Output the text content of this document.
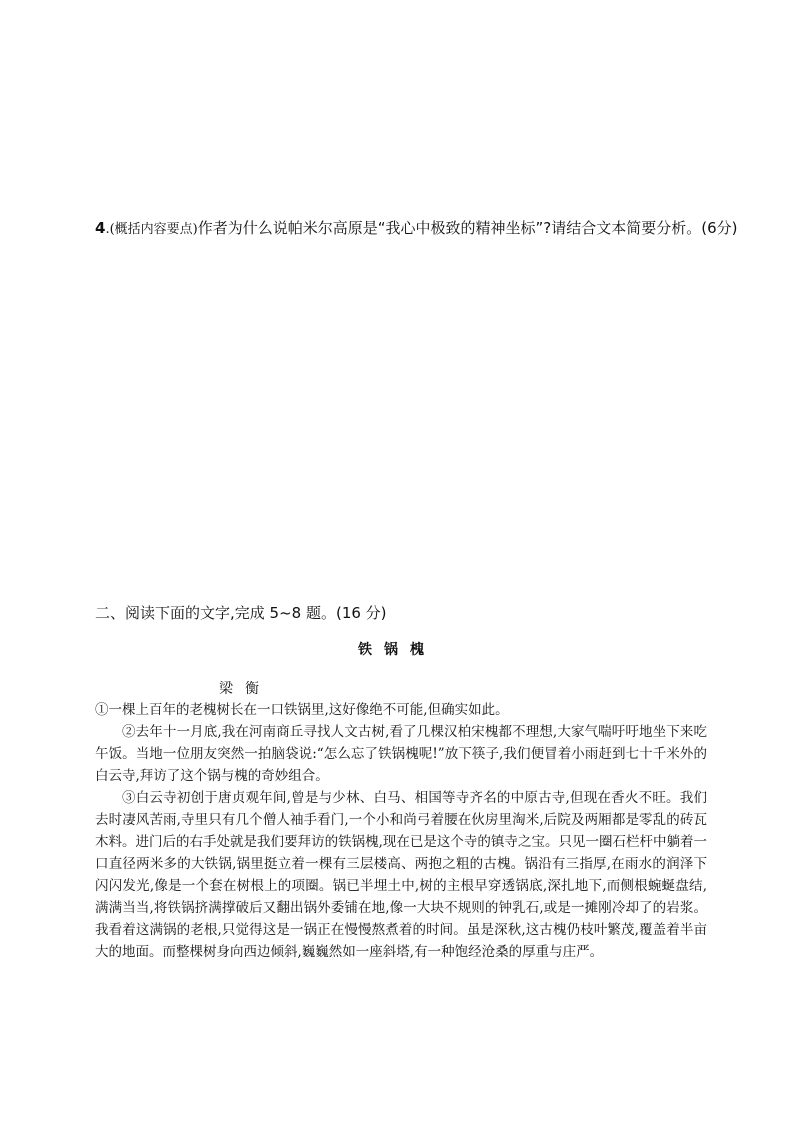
4.(概括内容要点)作者为什么说帕米尔高原是“我心中极致的精神坐标”?请结合文本简要分析。(6分)
二、阅读下面的文字,完成 5~8 题。(16 分)
铁锅槐
梁衡

①一棵上百年的老槐树长在一口铁锅里,这好像绝不可能,但确实如此。

②去年十一月底,我在河南商丘寻找人文古树,看了几棵汉柏宋槐都不理想,大家气喘吁吁地坐下来吃午饭。当地一位朋友突然一拍脑袋说:“怎么忘了铁锅槐呢!”放下筷子,我们便冒着小雨赶到七十千米外的白云寺,拜访了这个锅与槐的奇妙组合。

③白云寺初创于唐贞观年间,曾是与少林、白马、相国等寺齐名的中原古寺,但现在香火不旺。我们去时凄风苦雨,寺里只有几个僧人袖手看门,一个小和尚弓着腰在伙房里淘米,后院及两厢都是零乱的砖瓦木料。进门后的右手处就是我们要拜访的铁锅槐,现在已是这个寺的镇寺之宝。只见一圈石栏杆中躺着一口直径两米多的大铁锅,锅里挺立着一棵有三层楼高、两抱之粗的古槐。锅沿有三指厚,在雨水的润泽下闪闪发光,像是一个套在树根上的项圈。锅已半埋土中,树的主根早穿透锅底,深扎地下,而侧根蜿蜒盘结,满满当当,将铁锅挤满撑破后又翻出锅外委铺在地,像一大块不规则的钟乳石,或是一摊刚冷却了的岩浆。我看着这满锅的老根,只觉得这是一锅正在慢慢熬煮着的时间。虽是深秋,这古槐仍枝叶繁茂,覆盖着半亩大的地面。而整棵树身向西边倾斜,巍巍然如一座斜塔,有一种饱经沧桑的厚重与庄严。
